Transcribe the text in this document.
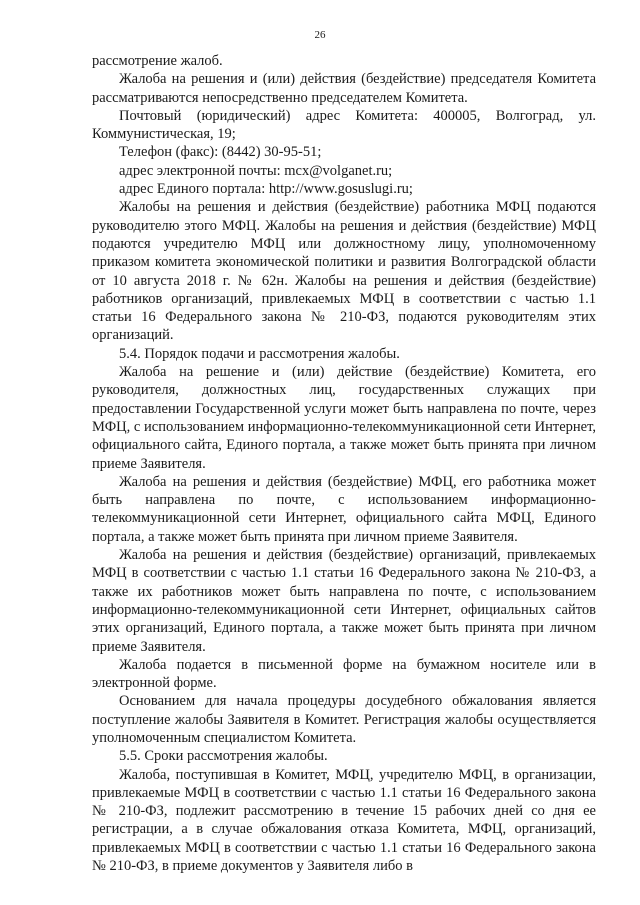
26

рассмотрение жалоб.

Жалоба на решения и (или) действия (бездействие) председателя Комитета рассматриваются непосредственно председателем Комитета.

Почтовый (юридический) адрес Комитета: 400005, Волгоград, ул. Коммунистическая, 19;

Телефон (факс): (8442) 30-95-51;

адрес электронной почты: mcx@volganet.ru;

адрес Единого портала: http://www.gosuslugi.ru;

Жалобы на решения и действия (бездействие) работника МФЦ подаются руководителю этого МФЦ. Жалобы на решения и действия (бездействие) МФЦ подаются учредителю МФЦ или должностному лицу, уполномоченному приказом комитета экономической политики и развития Волгоградской области от 10 августа 2018 г. № 62н. Жалобы на решения и действия (бездействие) работников организаций, привлекаемых МФЦ в соответствии с частью 1.1 статьи 16 Федерального закона № 210-ФЗ, подаются руководителям этих организаций.

5.4. Порядок подачи и рассмотрения жалобы.

Жалоба на решение и (или) действие (бездействие) Комитета, его руководителя, должностных лиц, государственных служащих при предоставлении Государственной услуги может быть направлена по почте, через МФЦ, с использованием информационно-телекоммуникационной сети Интернет, официального сайта, Единого портала, а также может быть принята при личном приеме Заявителя.

Жалоба на решения и действия (бездействие) МФЦ, его работника может быть направлена по почте, с использованием информационно-телекоммуникационной сети Интернет, официального сайта МФЦ, Единого портала, а также может быть принята при личном приеме Заявителя.

Жалоба на решения и действия (бездействие) организаций, привлекаемых МФЦ в соответствии с частью 1.1 статьи 16 Федерального закона № 210-ФЗ, а также их работников может быть направлена по почте, с использованием информационно-телекоммуникационной сети Интернет, официальных сайтов этих организаций, Единого портала, а также может быть принята при личном приеме Заявителя.

Жалоба подается в письменной форме на бумажном носителе или в электронной форме.

Основанием для начала процедуры досудебного обжалования является поступление жалобы Заявителя в Комитет. Регистрация жалобы осуществляется уполномоченным специалистом Комитета.

5.5. Сроки рассмотрения жалобы.

Жалоба, поступившая в Комитет, МФЦ, учредителю МФЦ, в организации, привлекаемые МФЦ в соответствии с частью 1.1 статьи 16 Федерального закона № 210-ФЗ, подлежит рассмотрению в течение 15 рабочих дней со дня ее регистрации, а в случае обжалования отказа Комитета, МФЦ, организаций, привлекаемых МФЦ в соответствии с частью 1.1 статьи 16 Федерального закона № 210-ФЗ, в приеме документов у Заявителя либо в
